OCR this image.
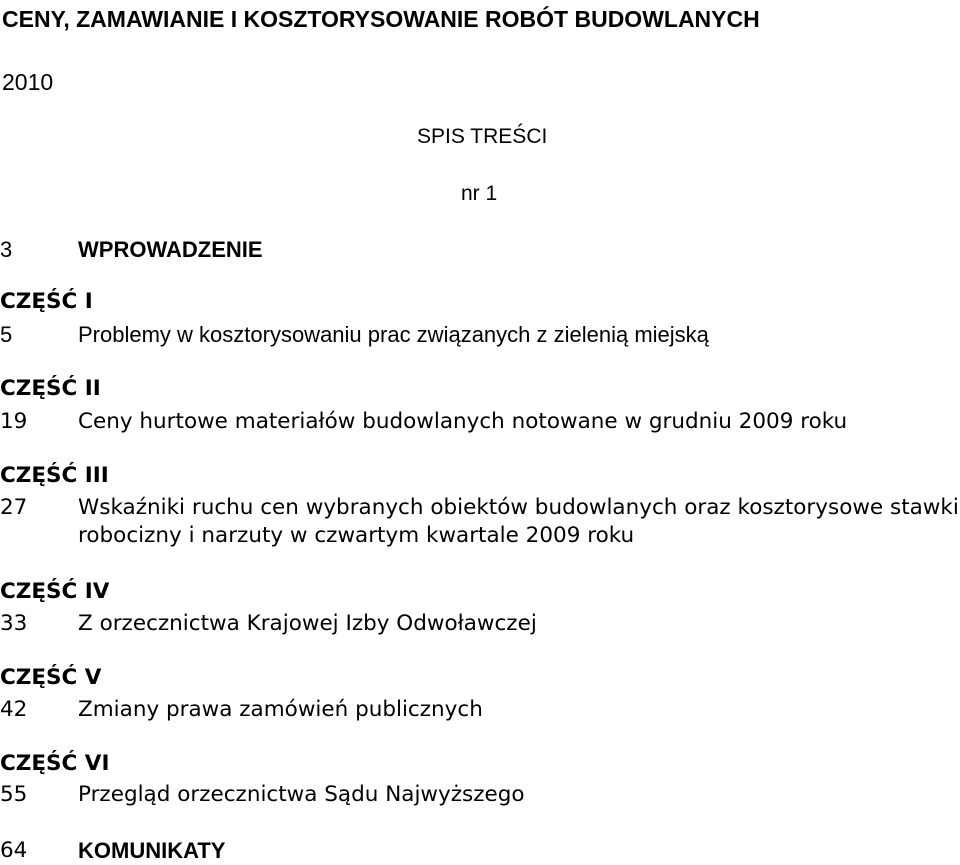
CENY, ZAMAWIANIE I KOSZTORYSOWANIE ROBÓT BUDOWLANYCH
2010
SPIS TREŚCI
nr 1
3	WPROWADZENIE
CZĘŚĆ I
5	Problemy w kosztorysowaniu prac związanych z zielenią miejską
CZĘŚĆ II
19 Ceny hurtowe materiałów budowlanych notowane w grudniu 2009 roku
CZĘŚĆ III
27 Wskaźniki ruchu cen wybranych obiektów budowlanych oraz kosztorysowe stawki robocizny i narzuty w czwartym kwartale 2009 roku
CZĘŚĆ IV
33 Z orzecznictwa Krajowej Izby Odwoławczej
CZĘŚĆ V
42 Zmiany prawa zamówień publicznych
CZĘŚĆ VI
55 Przegląd orzecznictwa Sądu Najwyższego
64 KOMUNIKATY
